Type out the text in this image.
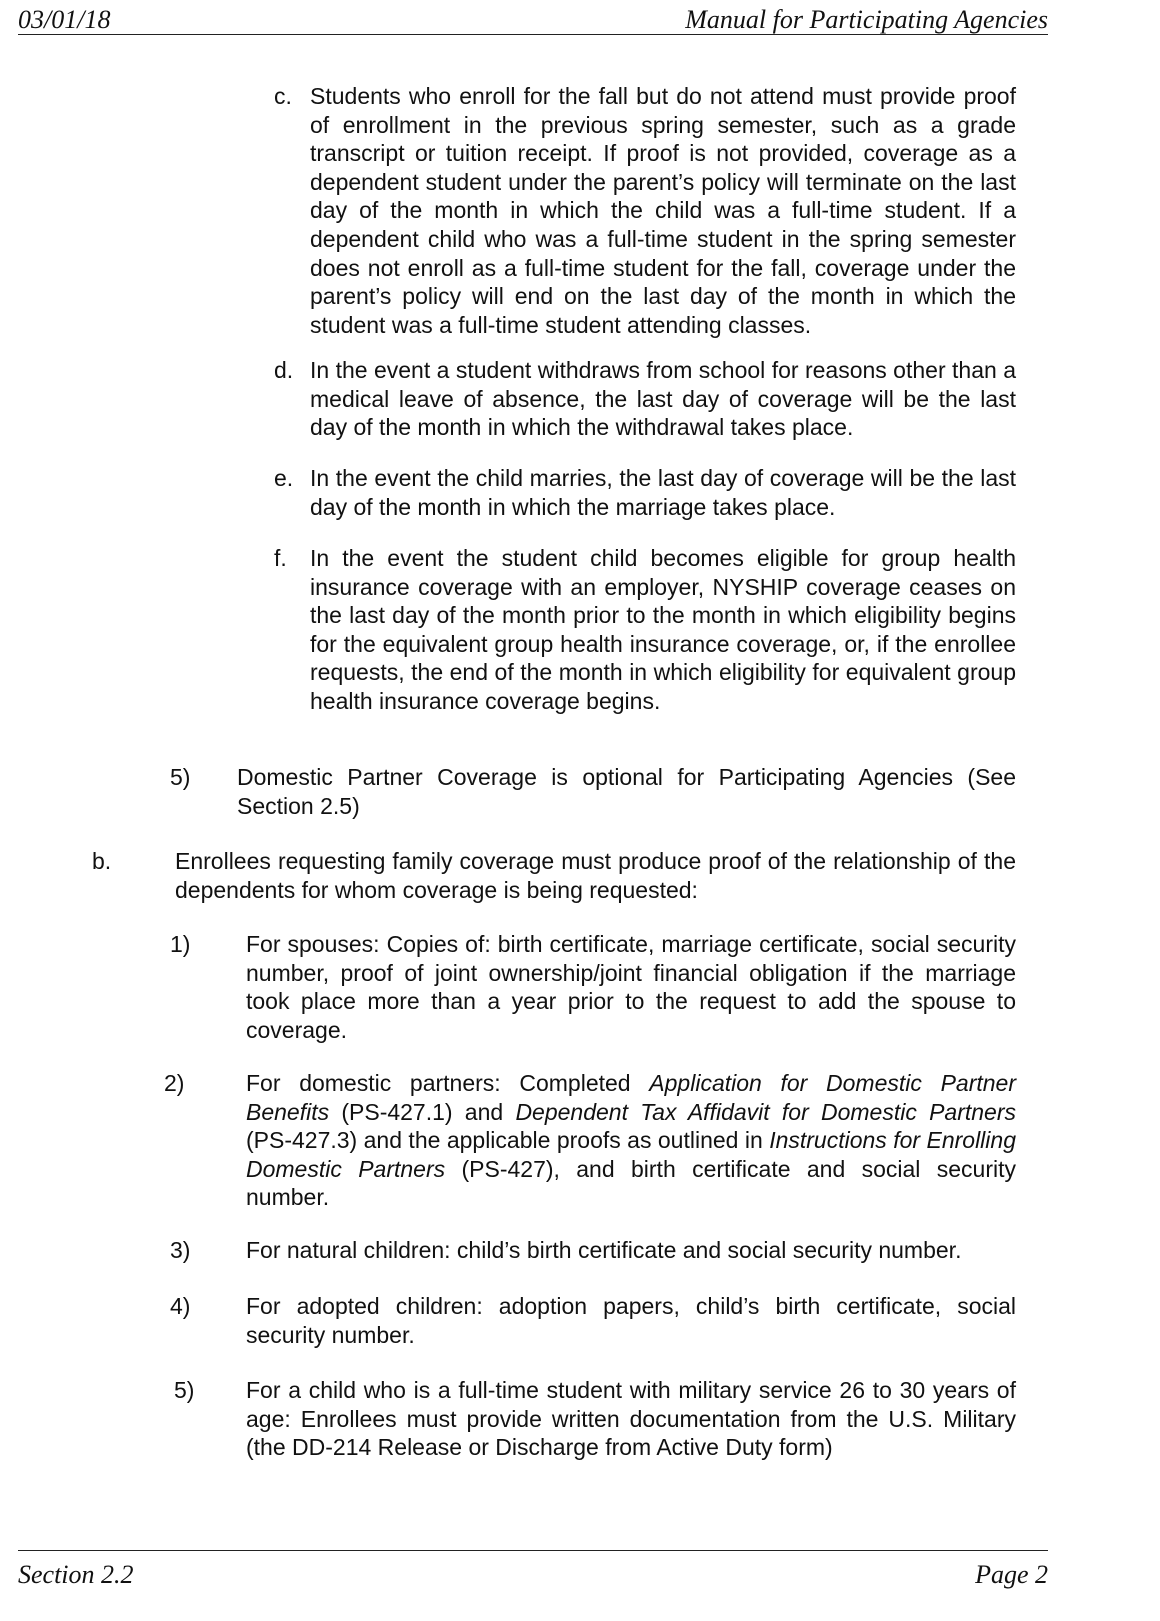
03/01/18	Manual for Participating Agencies
c. Students who enroll for the fall but do not attend must provide proof of enrollment in the previous spring semester, such as a grade transcript or tuition receipt. If proof is not provided, coverage as a dependent student under the parent’s policy will terminate on the last day of the month in which the child was a full-time student. If a dependent child who was a full-time student in the spring semester does not enroll as a full-time student for the fall, coverage under the parent’s policy will end on the last day of the month in which the student was a full-time student attending classes.
d. In the event a student withdraws from school for reasons other than a medical leave of absence, the last day of coverage will be the last day of the month in which the withdrawal takes place.
e. In the event the child marries, the last day of coverage will be the last day of the month in which the marriage takes place.
f. In the event the student child becomes eligible for group health insurance coverage with an employer, NYSHIP coverage ceases on the last day of the month prior to the month in which eligibility begins for the equivalent group health insurance coverage, or, if the enrollee requests, the end of the month in which eligibility for equivalent group health insurance coverage begins.
5) Domestic Partner Coverage is optional for Participating Agencies (See Section 2.5)
b.	Enrollees requesting family coverage must produce proof of the relationship of the dependents for whom coverage is being requested:
1) For spouses: Copies of: birth certificate, marriage certificate, social security number, proof of joint ownership/joint financial obligation if the marriage took place more than a year prior to the request to add the spouse to coverage.
2)	For domestic partners: Completed Application for Domestic Partner Benefits (PS-427.1) and Dependent Tax Affidavit for Domestic Partners (PS-427.3) and the applicable proofs as outlined in Instructions for Enrolling Domestic Partners (PS-427), and birth certificate and social security number.
3) For natural children: child’s birth certificate and social security number.
4) For adopted children: adoption papers, child’s birth certificate, social security number.
5) For a child who is a full-time student with military service 26 to 30 years of age: Enrollees must provide written documentation from the U.S. Military (the DD-214 Release or Discharge from Active Duty form)
Section 2.2	Page 2
